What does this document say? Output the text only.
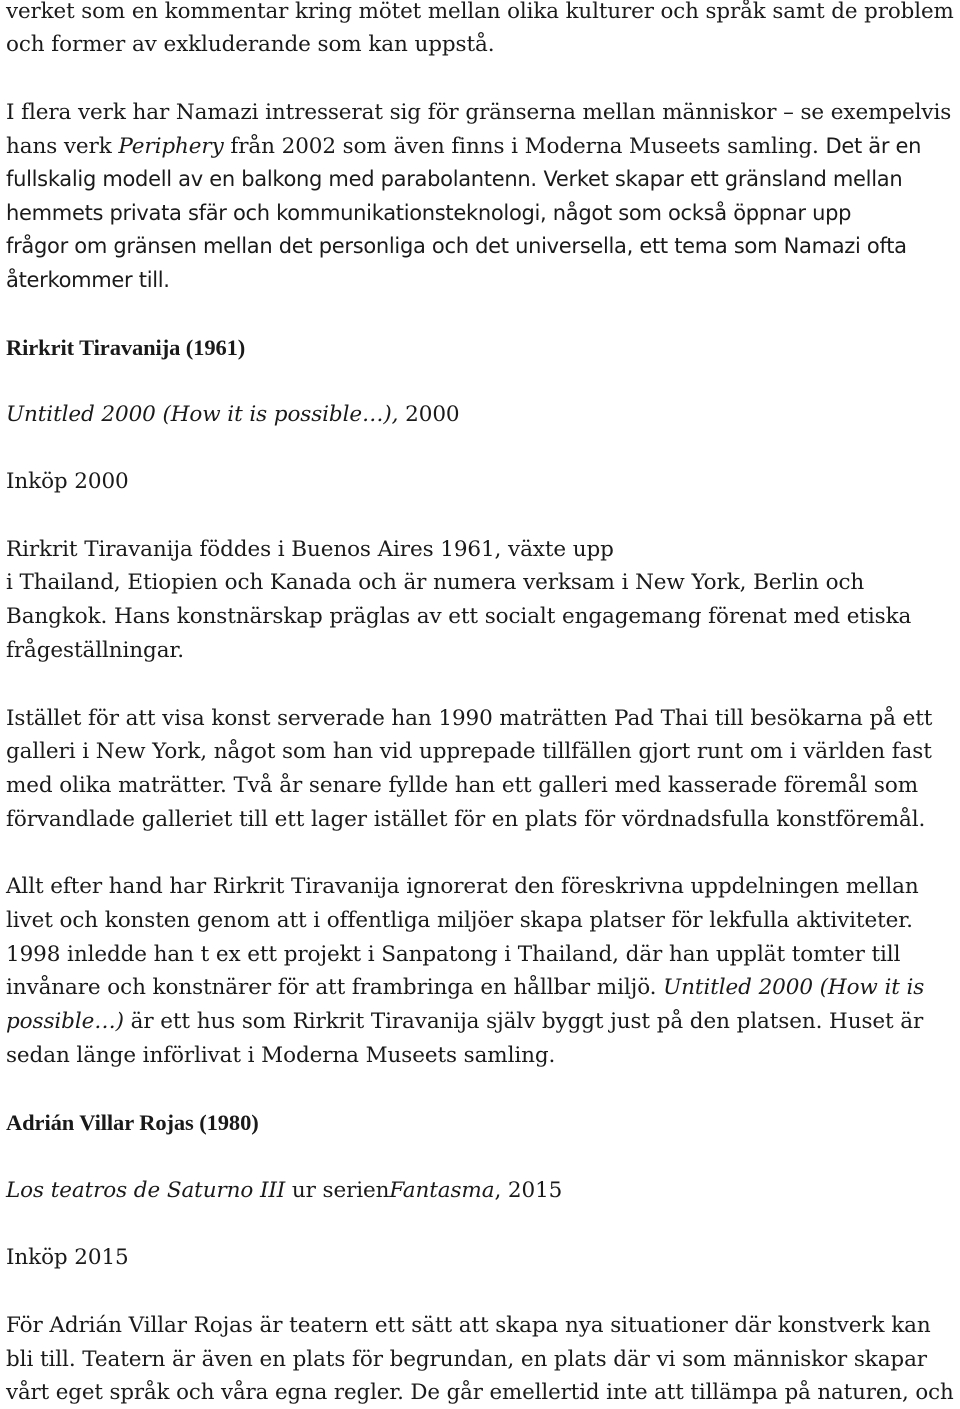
verket som en kommentar kring mötet mellan olika kulturer och språk samt de problem
och former av exkluderande som kan uppstå.
I flera verk har Namazi intresserat sig för gränserna mellan människor – se exempelvis
hans verk Periphery från 2002 som även finns i Moderna Museets samling. Det är en
fullskalig modell av en balkong med parabolantenn. Verket skapar ett gränsland mellan
hemmets privata sfär och kommunikationsteknologi, något som också öppnar upp
frågor om gränsen mellan det personliga och det universella, ett tema som Namazi ofta
återkommer till.
Rirkrit Tiravanija (1961)
Untitled 2000 (How it is possible…), 2000
Inköp 2000
Rirkrit Tiravanija föddes i Buenos Aires 1961, växte upp
i Thailand, Etiopien och Kanada och är numera verksam i New York, Berlin och
Bangkok. Hans konstnärskap präglas av ett socialt engagemang förenat med etiska
frågeställningar.
Istället för att visa konst serverade han 1990 maträtten Pad Thai till besökarna på ett
galleri i New York, något som han vid upprepade tillfällen gjort runt om i världen fast
med olika maträtter. Två år senare fyllde han ett galleri med kasserade föremål som
förvandlade galleriet till ett lager istället för en plats för vördnadsfulla konstföremål.
Allt efter hand har Rirkrit Tiravanija ignorerat den föreskrivna uppdelningen mellan
livet och konsten genom att i offentliga miljöer skapa platser för lekfulla aktiviteter.
1998 inledde han t ex ett projekt i Sanpatong i Thailand, där han upplät tomter till
invånare och konstnärer för att frambringa en hållbar miljö. Untitled 2000 (How it is
possible…) är ett hus som Rirkrit Tiravanija själv byggt just på den platsen. Huset är
sedan länge införlivat i Moderna Museets samling.
Adrián Villar Rojas (1980)
Los teatros de Saturno III ur serienFantasma, 2015
Inköp 2015
För Adrián Villar Rojas är teatern ett sätt att skapa nya situationer där konstverk kan
bli till. Teatern är även en plats för begrundan, en plats där vi som människor skapar
vårt eget språk och våra egna regler. De går emellertid inte att tillämpa på naturen, och
